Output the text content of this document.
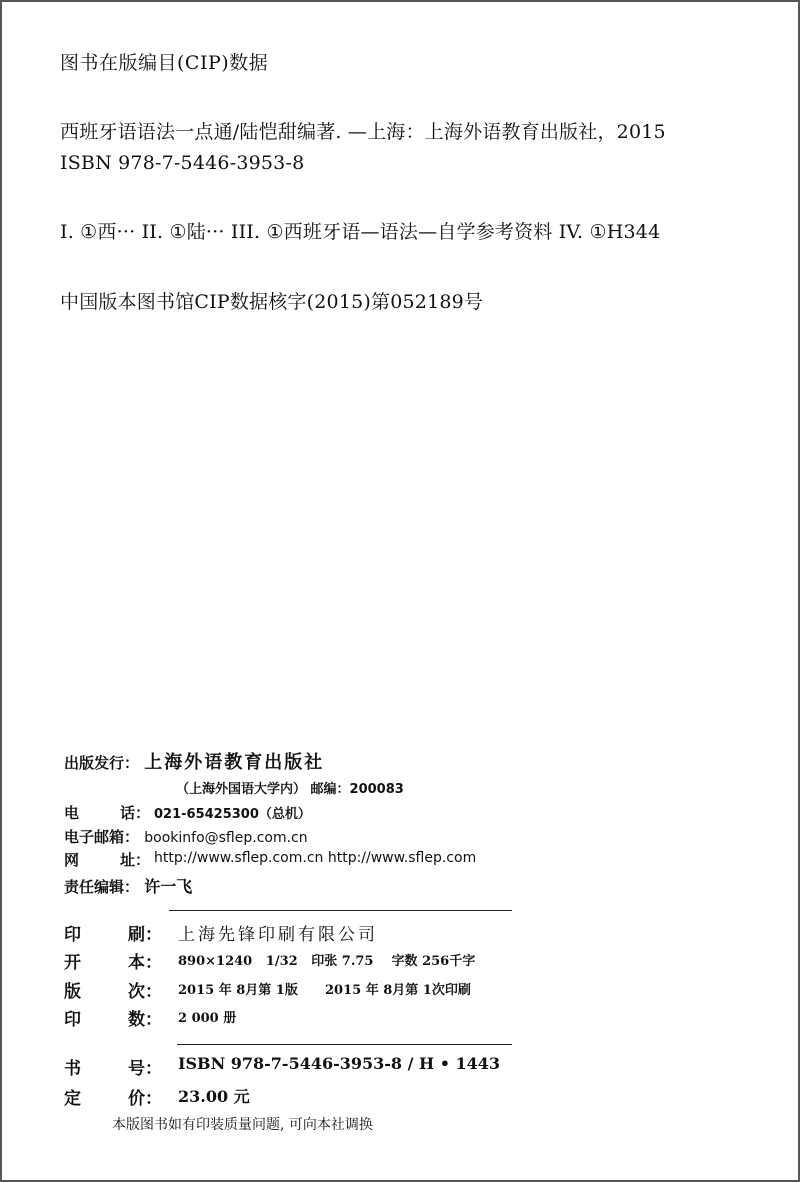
图书在版编目(CIP)数据
西班牙语语法一点通/陆恺甜编著. —上海：上海外语教育出版社，2015
ISBN 978-7-5446-3953-8
I. ①西··· II. ①陆··· III. ①西班牙语—语法—自学参考资料 IV. ①H344
中国版本图书馆CIP数据核字(2015)第052189号
出版发行： 上海外语教育出版社
（上海外国语大学内） 邮编：200083
电	话： 021-65425300（总机）
电子邮箱： bookinfo@sflep.com.cn
网	址： http://www.sflep.com.cn http://www.sflep.com
责任编辑： 许一飞
印	刷： 上海先锋印刷有限公司
开	本： 890×1240   1/32   印张 7.75    字数 256千字
版	次： 2015 年 8月第 1版      2015 年 8月第 1次印刷
印	数： 2 000 册
书	号： ISBN 978-7-5446-3953-8 / H • 1443
定	价： 23.00 元
本版图书如有印装质量问题, 可向本社调换
